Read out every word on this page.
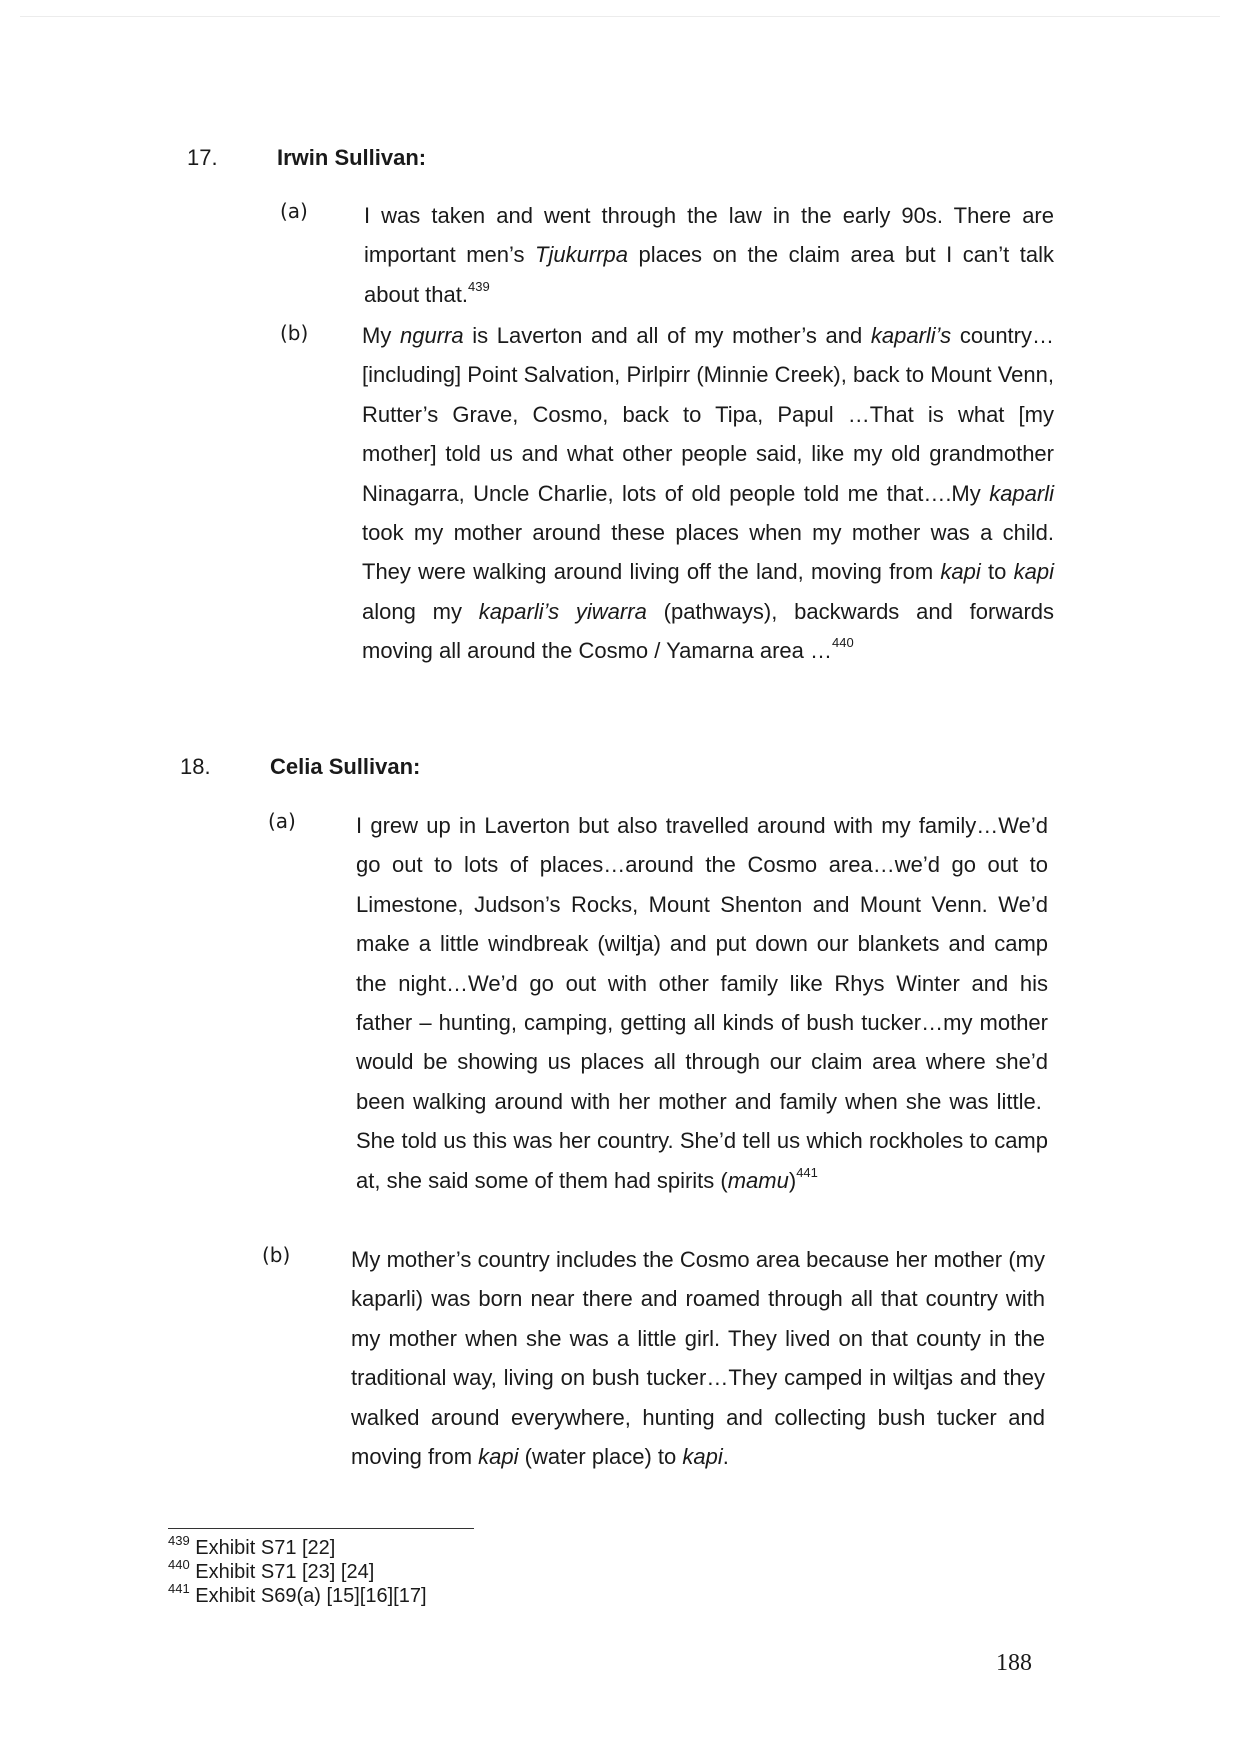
17.	Irwin Sullivan:
(a)	I was taken and went through the law in the early 90s. There are important men’s Tjukurrpa places on the claim area but I can’t talk about that.$^{439}$

(b) My ngurra is Laverton and all of my mother’s and kaparli’s country…[including] Point Salvation, Pirlpirr (Minnie Creek), back to Mount Venn, Rutter’s Grave, Cosmo, back to Tipa, Papul …That is what [my mother] told us and what other people said, like my old grandmother Ninagarra, Uncle Charlie, lots of old people told me that….My kaparli took my mother around these places when my mother was a child. They were walking around living off the land, moving from kapi to kapi along my kaparli’s yiwarra (pathways), backwards and forwards moving all around the Cosmo / Yamarna area …$^{440}$

18.	Celia Sullivan:
(a)	I grew up in Laverton but also travelled around with my family…We’d go out to lots of places…around the Cosmo area…we’d go out to Limestone, Judson’s Rocks, Mount Shenton and Mount Venn. We’d make a little windbreak (wiltja) and put down our blankets and camp the night…We’d go out with other family like Rhys Winter and his father – hunting, camping, getting all kinds of bush tucker…my mother would be showing us places all through our claim area where she’d been walking around with her mother and family when she was little.  She told us this was her country. She’d tell us which rockholes to camp at, she said some of them had spirits (mamu)$^{441}$

(b)	My mother’s country includes the Cosmo area because her mother (my kaparli) was born near there and roamed through all that country with my mother when she was a little girl. They lived on that county in the traditional way, living on bush tucker…They camped in wiltjas and they walked around everywhere, hunting and collecting bush tucker and moving from kapi (water place) to kapi.

$^{439}$ Exhibit S71 [22]
$^{440}$ Exhibit S71 [23] [24]
$^{441}$ Exhibit S69(a) [15][16][17]
188
